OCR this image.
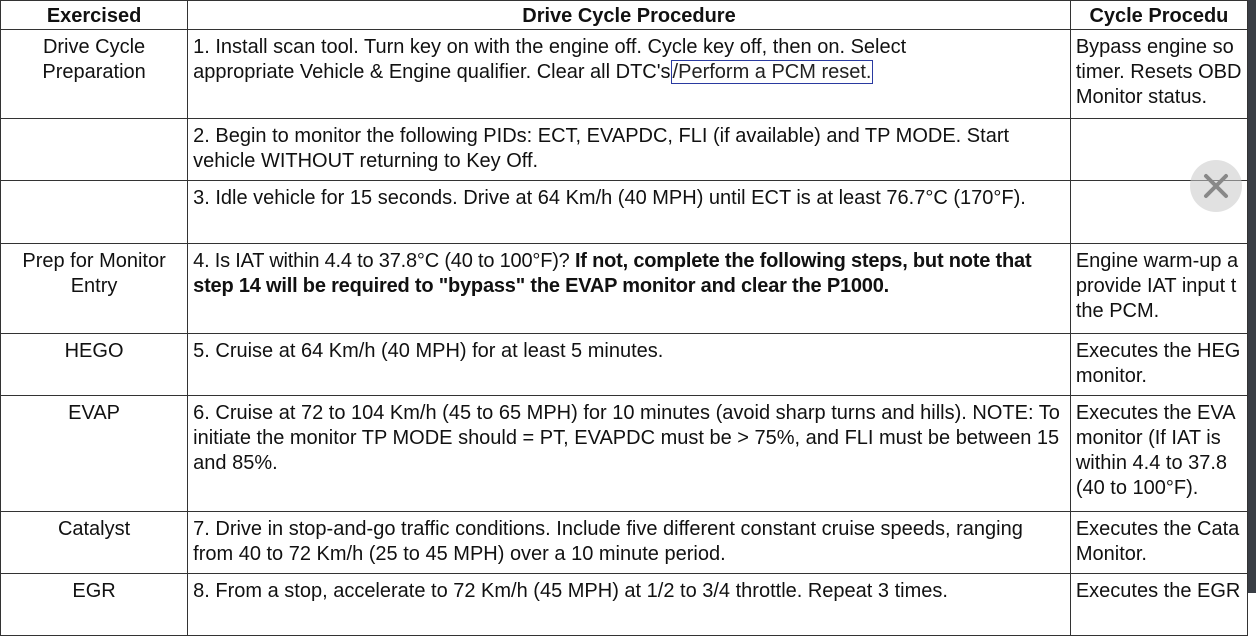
Exercised	Drive Cycle Procedure	Cycle Procedu
Drive Cycle Preparation	1. Install scan tool. Turn key on with the engine off. Cycle key off, then on. Select
appropriate Vehicle & Engine qualifier. Clear all DTC's /Perform a PCM reset.	Bypass engine so timer. Resets OBD Monitor status.
	2. Begin to monitor the following PIDs: ECT, EVAPDC, FLI (if available) and TP MODE. Start vehicle WITHOUT returning to Key Off.	
	3. Idle vehicle for 15 seconds. Drive at 64 Km/h (40 MPH) until ECT is at least 76.7°C (170°F).	
Prep for Monitor Entry	4. Is IAT within 4.4 to 37.8°C (40 to 100°F)? If not, complete the following steps, but note that step 14 will be required to "bypass" the EVAP monitor and clear the P1000.	Engine warm-up a provide IAT input t the PCM.
HEGO	5. Cruise at 64 Km/h (40 MPH) for at least 5 minutes.	Executes the HEG monitor.
EVAP	6. Cruise at 72 to 104 Km/h (45 to 65 MPH) for 10 minutes (avoid sharp turns and hills). NOTE: To initiate the monitor TP MODE should = PT, EVAPDC must be > 75%, and FLI must be between 15 and 85%.	Executes the EVA monitor (If IAT is within 4.4 to 37.8 (40 to 100°F).
Catalyst	7. Drive in stop-and-go traffic conditions. Include five different constant cruise speeds, ranging from 40 to 72 Km/h (25 to 45 MPH) over a 10 minute period.	Executes the Cata Monitor.
EGR	8. From a stop, accelerate to 72 Km/h (45 MPH) at 1/2 to 3/4 throttle. Repeat 3 times.	Executes the EGR
